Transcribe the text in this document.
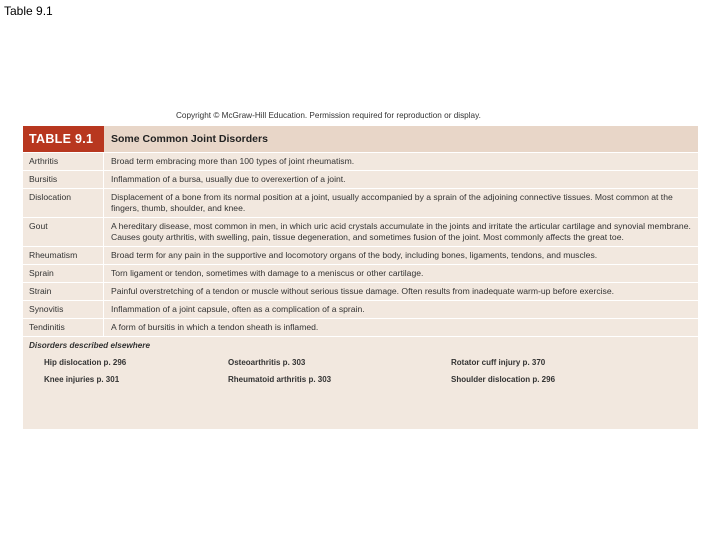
Table 9.1
Copyright © McGraw-Hill Education. Permission required for reproduction or display.
TABLE 9.1	Some Common Joint Disorders
Arthritis	Broad term embracing more than 100 types of joint rheumatism.
Bursitis	Inflammation of a bursa, usually due to overexertion of a joint.
Dislocation	Displacement of a bone from its normal position at a joint, usually accompanied by a sprain of the adjoining connective tissues. Most common at the fingers, thumb, shoulder, and knee.
Gout	A hereditary disease, most common in men, in which uric acid crystals accumulate in the joints and irritate the articular cartilage and synovial membrane. Causes gouty arthritis, with swelling, pain, tissue degeneration, and sometimes fusion of the joint. Most commonly affects the great toe.
Rheumatism	Broad term for any pain in the supportive and locomotory organs of the body, including bones, ligaments, tendons, and muscles.
Sprain	Torn ligament or tendon, sometimes with damage to a meniscus or other cartilage.
Strain	Painful overstretching of a tendon or muscle without serious tissue damage. Often results from inadequate warm-up before exercise.
Synovitis	Inflammation of a joint capsule, often as a complication of a sprain.
Tendinitis	A form of bursitis in which a tendon sheath is inflamed.
Disorders described elsewhere
Hip dislocation p. 296	Osteoarthritis p. 303	Rotator cuff injury p. 370
Knee injuries p. 301	Rheumatoid arthritis p. 303	Shoulder dislocation p. 296
